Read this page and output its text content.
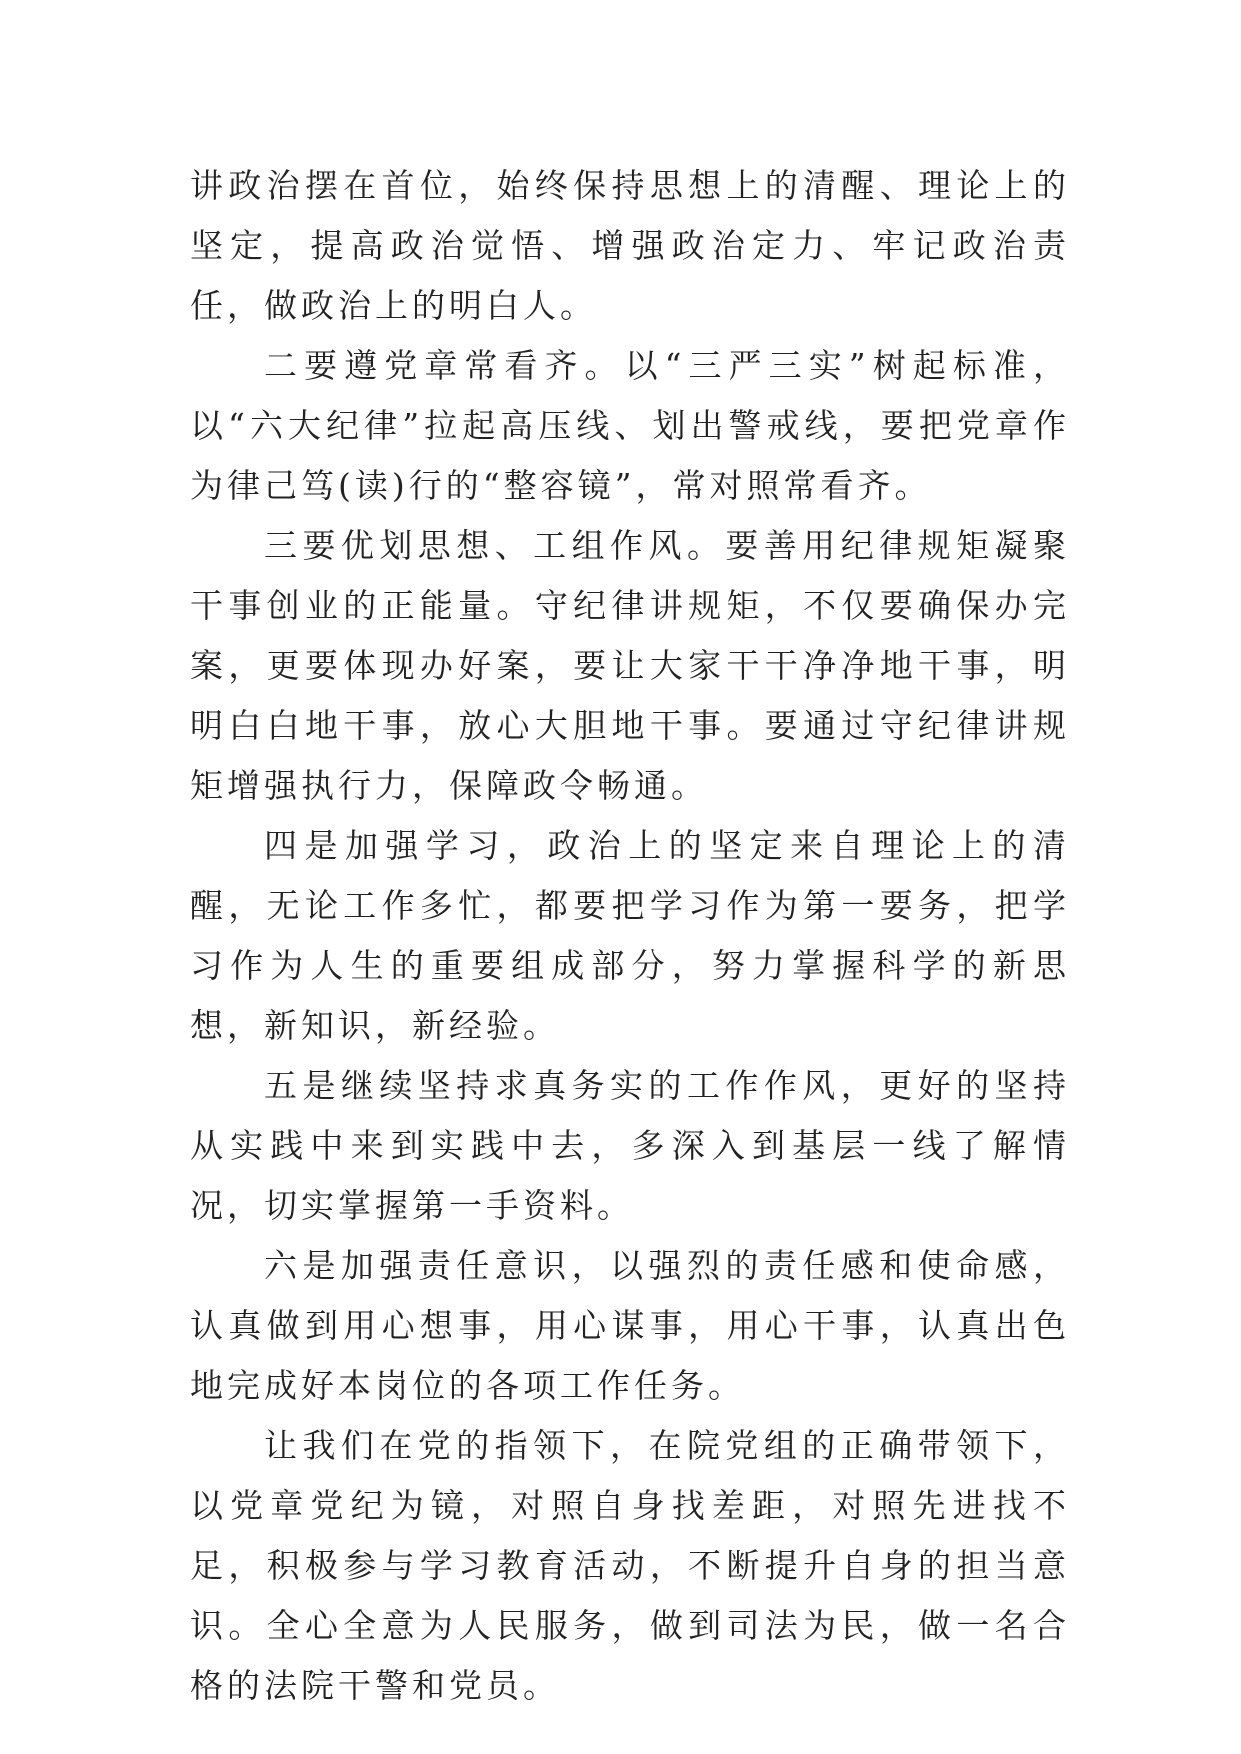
讲政治摆在首位，始终保持思想上的清醒、理论上的坚定，提高政治觉悟、增强政治定力、牢记政治责任，做政治上的明白人。

二要遵党章常看齐。以“三严三实”树起标准，以“六大纪律”拉起高压线、划出警戒线，要把党章作为律己笃(读)行的“整容镜”，常对照常看齐。

三要优划思想、工组作风。要善用纪律规矩凝聚干事创业的正能量。守纪律讲规矩，不仅要确保办完案，更要体现办好案，要让大家干干净净地干事，明明白白地干事，放心大胆地干事。要通过守纪律讲规矩增强执行力，保障政令畅通。

四是加强学习，政治上的坚定来自理论上的清醒，无论工作多忙，都要把学习作为第一要务，把学习作为人生的重要组成部分，努力掌握科学的新思想，新知识，新经验。

五是继续坚持求真务实的工作作风，更好的坚持从实践中来到实践中去，多深入到基层一线了解情况，切实掌握第一手资料。

六是加强责任意识，以强烈的责任感和使命感，认真做到用心想事，用心谋事，用心干事，认真出色地完成好本岗位的各项工作任务。

让我们在党的指领下，在院党组的正确带领下，以党章党纪为镜，对照自身找差距，对照先进找不足，积极参与学习教育活动，不断提升自身的担当意识。全心全意为人民服务，做到司法为民，做一名合格的法院干警和党员。
